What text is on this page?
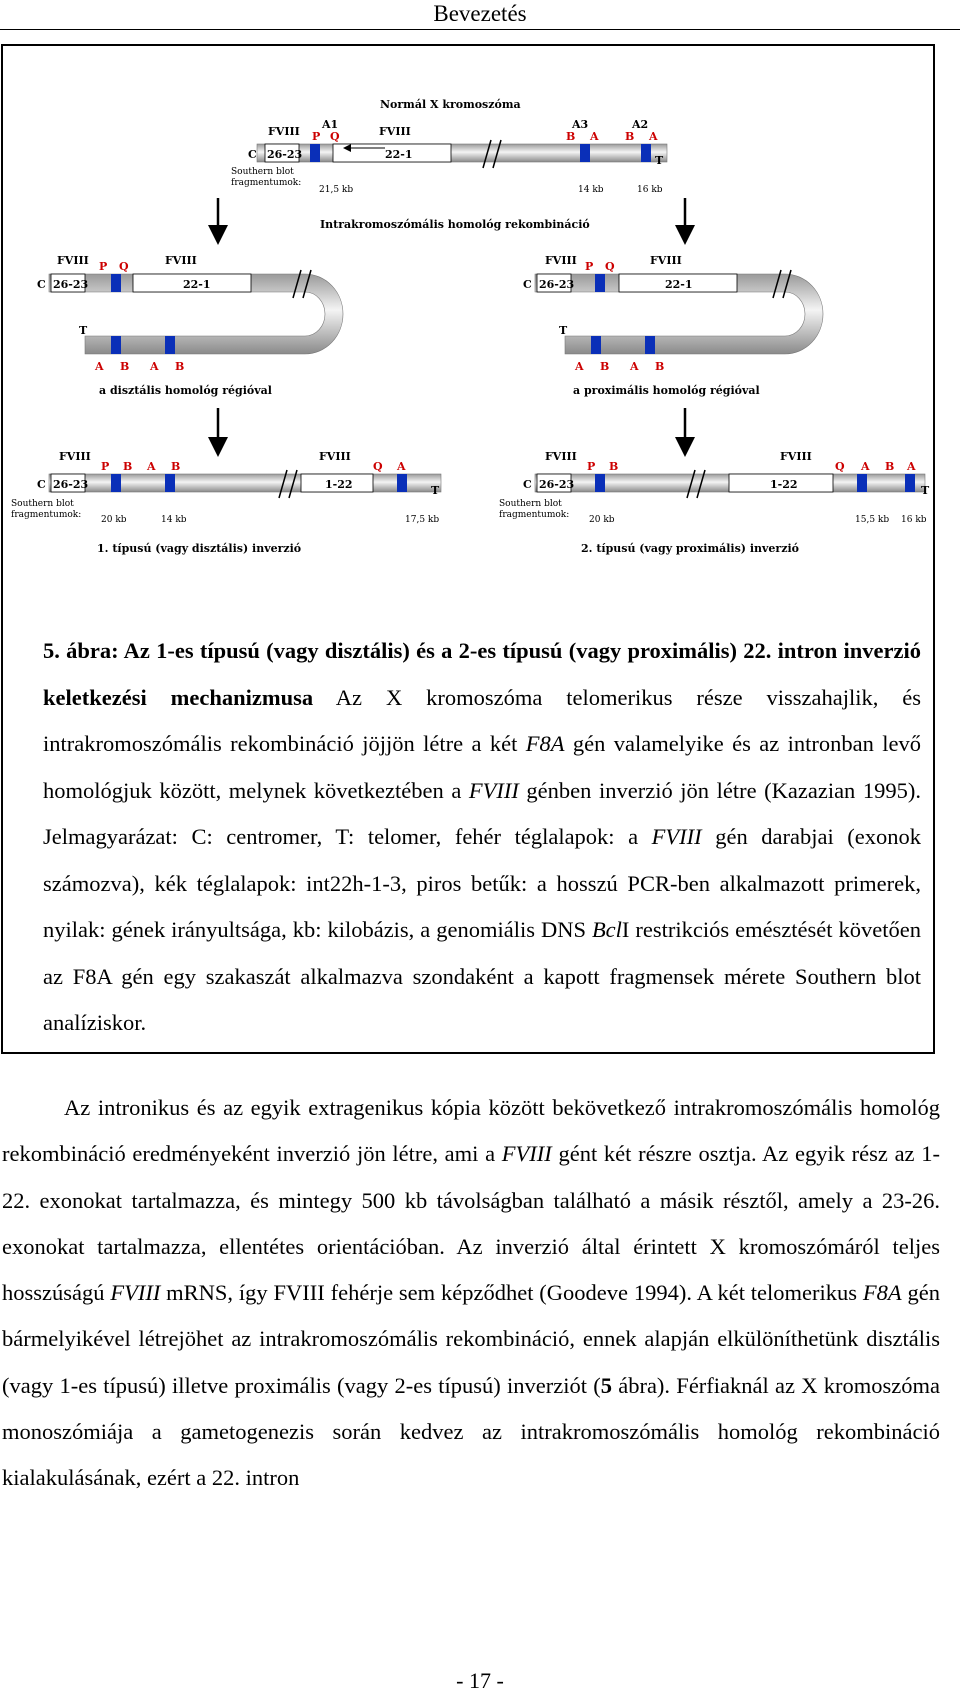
Bevezetés
Normál X kromoszóma
26-23	22-1
C	T
FVIII	FVIII
A1
P Q
A3
B A
A2
B A
Southern blot
fragmentumok:
21,5 kb	14 kb	16 kb
Intrakromoszómális homológ rekombináció
FVIII	FVIII
P Q
26-23	22-1
C
T
A B A B
a disztális homológ régióval
FVIII	FVIII
P Q
26-23	22-1
C
T
A B A B
a proximális homológ régióval
FVIII	FVIII
P B A B	Q A
26-23	1-22
C	T
Southern blot
fragmentumok: 20 kb	14 kb	17,5 kb
1. típusú (vagy disztális) inverzió
FVIII	FVIII
P B	Q A B A
26-23	1-22
C	T
Southern blot
fragmentumok: 20 kb	15,5 kb 16 kb
2. típusú (vagy proximális) inverzió
5. ábra: Az 1-es típusú (vagy disztális) és a 2-es típusú (vagy proximális) 22. intron inverzió keletkezési mechanizmusa Az X kromoszóma telomerikus része visszahajlik, és intrakromoszómális rekombináció jöjjön létre a két F8A gén valamelyike és az intronban levő homológjuk között, melynek következtében a FVIII génben inverzió jön létre (Kazazian 1995). Jelmagyarázat: C: centromer, T: telomer, fehér téglalapok: a FVIII gén darabjai (exonok számozva), kék téglalapok: int22h-1-3, piros betűk: a hosszú PCR-ben alkalmazott primerek, nyilak: gének irányultsága, kb: kilobázis, a genomiális DNS BclI restrikciós emésztését követően az F8A gén egy szakaszát alkalmazva szondaként a kapott fragmensek mérete Southern blot analíziskor.

Az intronikus és az egyik extragenikus kópia között bekövetkező intrakromoszómális homológ rekombináció eredményeként inverzió jön létre, ami a FVIII gént két részre osztja. Az egyik rész az 1-22. exonokat tartalmazza, és mintegy 500 kb távolságban található a másik résztől, amely a 23-26. exonokat tartalmazza, ellentétes orientációban. Az inverzió által érintett X kromoszómáról teljes hosszúságú FVIII mRNS, így FVIII fehérje sem képződhet (Goodeve 1994). A két telomerikus F8A gén bármelyikével létrejöhet az intrakromoszómális rekombináció, ennek alapján elkülöníthetünk disztális (vagy 1-es típusú) illetve proximális (vagy 2-es típusú) inverziót (5 ábra). Férfiaknál az X kromoszóma monoszómiája a gametogenezis során kedvez az intrakromoszómális homológ rekombináció kialakulásának, ezért a 22. intron

- 17 -
